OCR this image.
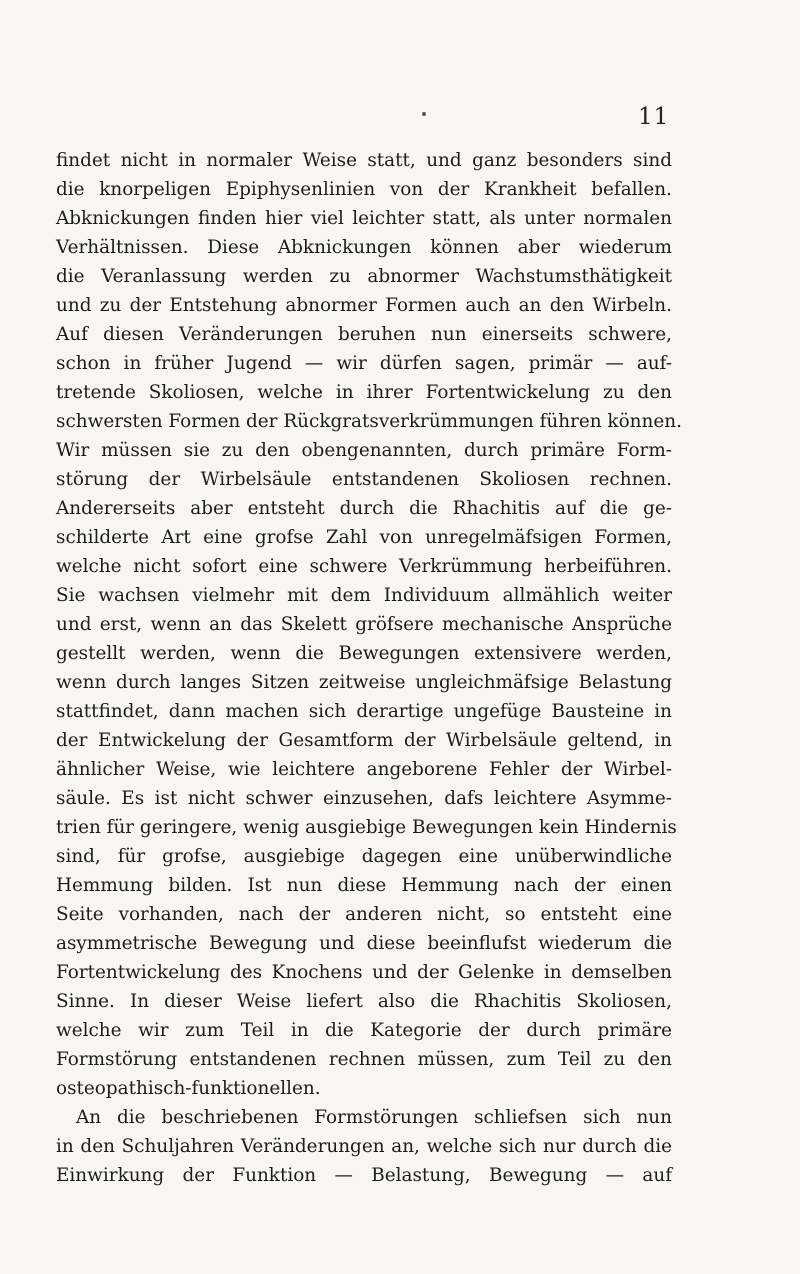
11
findet nicht in normaler Weise statt, und ganz besonders sind
die knorpeligen Epiphysenlinien von der Krankheit befallen.
Abknickungen finden hier viel leichter statt, als unter normalen
Verhältnissen. Diese Abknickungen können aber wiederum
die Veranlassung werden zu abnormer Wachstumsthätigkeit
und zu der Entstehung abnormer Formen auch an den Wirbeln.
Auf diesen Veränderungen beruhen nun einerseits schwere,
schon in früher Jugend — wir dürfen sagen, primär — auf-
tretende Skoliosen, welche in ihrer Fortentwickelung zu den
schwersten Formen der Rückgratsverkrümmungen führen können.
Wir müssen sie zu den obengenannten, durch primäre Form-
störung der Wirbelsäule entstandenen Skoliosen rechnen.
Andererseits aber entsteht durch die Rhachitis auf die ge-
schilderte Art eine grofse Zahl von unregelmäfsigen Formen,
welche nicht sofort eine schwere Verkrümmung herbeiführen.
Sie wachsen vielmehr mit dem Individuum allmählich weiter
und erst, wenn an das Skelett gröfsere mechanische Ansprüche
gestellt werden, wenn die Bewegungen extensivere werden,
wenn durch langes Sitzen zeitweise ungleichmäfsige Belastung
stattfindet, dann machen sich derartige ungefüge Bausteine in
der Entwickelung der Gesamtform der Wirbelsäule geltend, in
ähnlicher Weise, wie leichtere angeborene Fehler der Wirbel-
säule. Es ist nicht schwer einzusehen, dafs leichtere Asymme-
trien für geringere, wenig ausgiebige Bewegungen kein Hindernis
sind, für grofse, ausgiebige dagegen eine unüberwindliche
Hemmung bilden. Ist nun diese Hemmung nach der einen
Seite vorhanden, nach der anderen nicht, so entsteht eine
asymmetrische Bewegung und diese beeinflufst wiederum die
Fortentwickelung des Knochens und der Gelenke in demselben
Sinne. In dieser Weise liefert also die Rhachitis Skoliosen,
welche wir zum Teil in die Kategorie der durch primäre
Formstörung entstandenen rechnen müssen, zum Teil zu den
osteopathisch-funktionellen.
An die beschriebenen Formstörungen schliefsen sich nun
in den Schuljahren Veränderungen an, welche sich nur durch die
Einwirkung der Funktion — Belastung, Bewegung — auf
